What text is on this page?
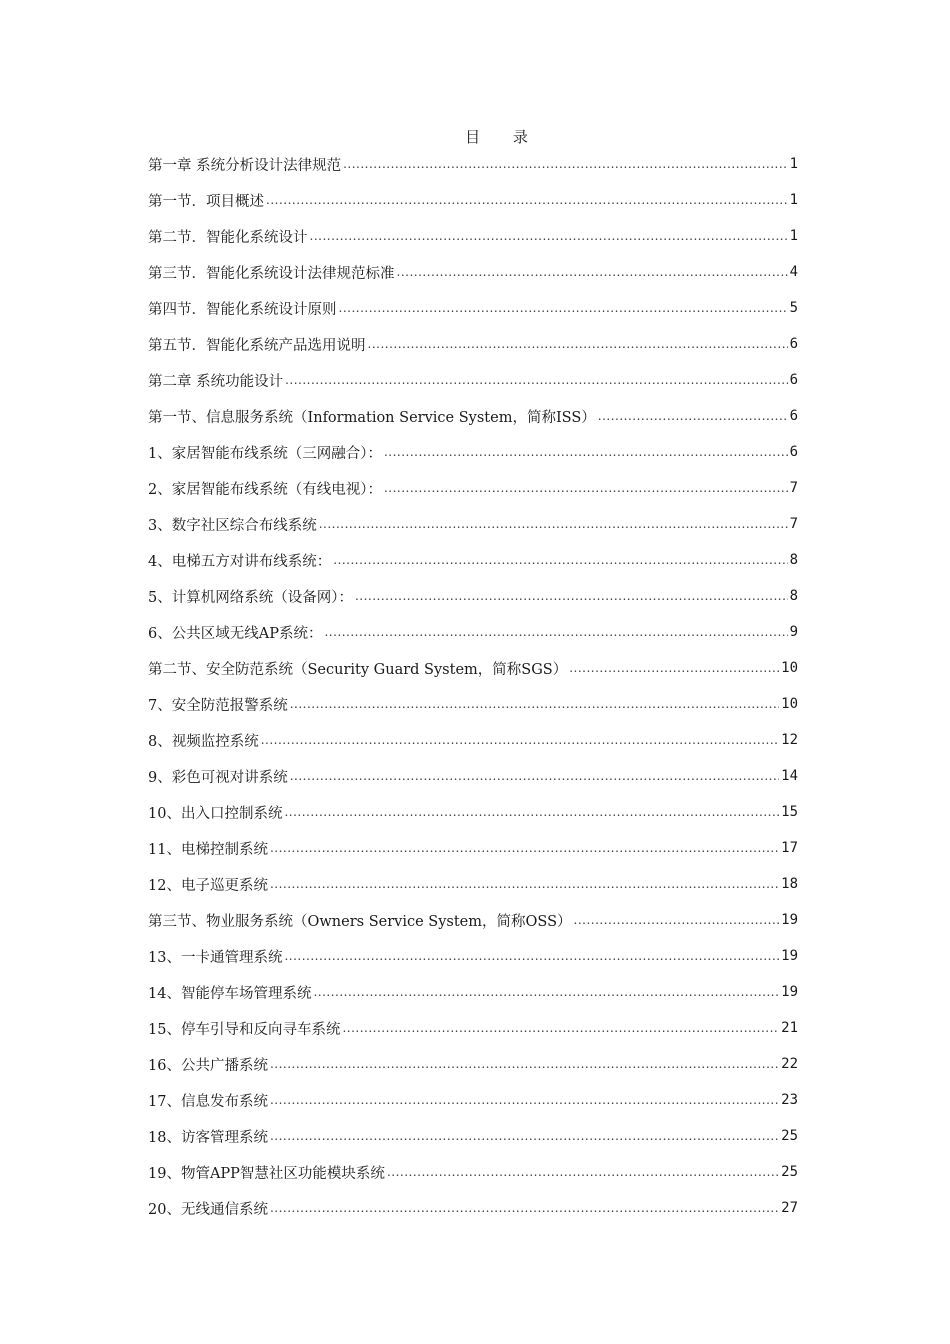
目 录
第一章 系统分析设计法律规范 .....	1
第一节．项目概述 .....	1
第二节．智能化系统设计 .....	1
第三节．智能化系统设计法律规范标准 .....	4
第四节．智能化系统设计原则 .....	5
第五节．智能化系统产品选用说明 .....	6
第二章 系统功能设计 .....	6
第一节、信息服务系统（Information Service System，简称ISS） .....	6
1、家居智能布线系统（三网融合）： .....	6
2、家居智能布线系统（有线电视）： .....	7
3、数字社区综合布线系统 .....	7
4、电梯五方对讲布线系统： .....	8
5、计算机网络系统（设备网）： .....	8
6、公共区域无线AP系统： .....	9
第二节、安全防范系统（Security Guard System，简称SGS） .....	10
7、安全防范报警系统 .....	10
8、视频监控系统 .....	12
9、彩色可视对讲系统 .....	14
10、出入口控制系统 .....	15
11、电梯控制系统 .....	17
12、电子巡更系统 .....	18
第三节、物业服务系统（Owners Service System，简称OSS） .....	19
13、一卡通管理系统 .....	19
14、智能停车场管理系统 .....	19
15、停车引导和反向寻车系统 .....	21
16、公共广播系统 .....	22
17、信息发布系统 .....	23
18、访客管理系统 .....	25
19、物管APP智慧社区功能模块系统 .....	25
20、无线通信系统 .....	27
